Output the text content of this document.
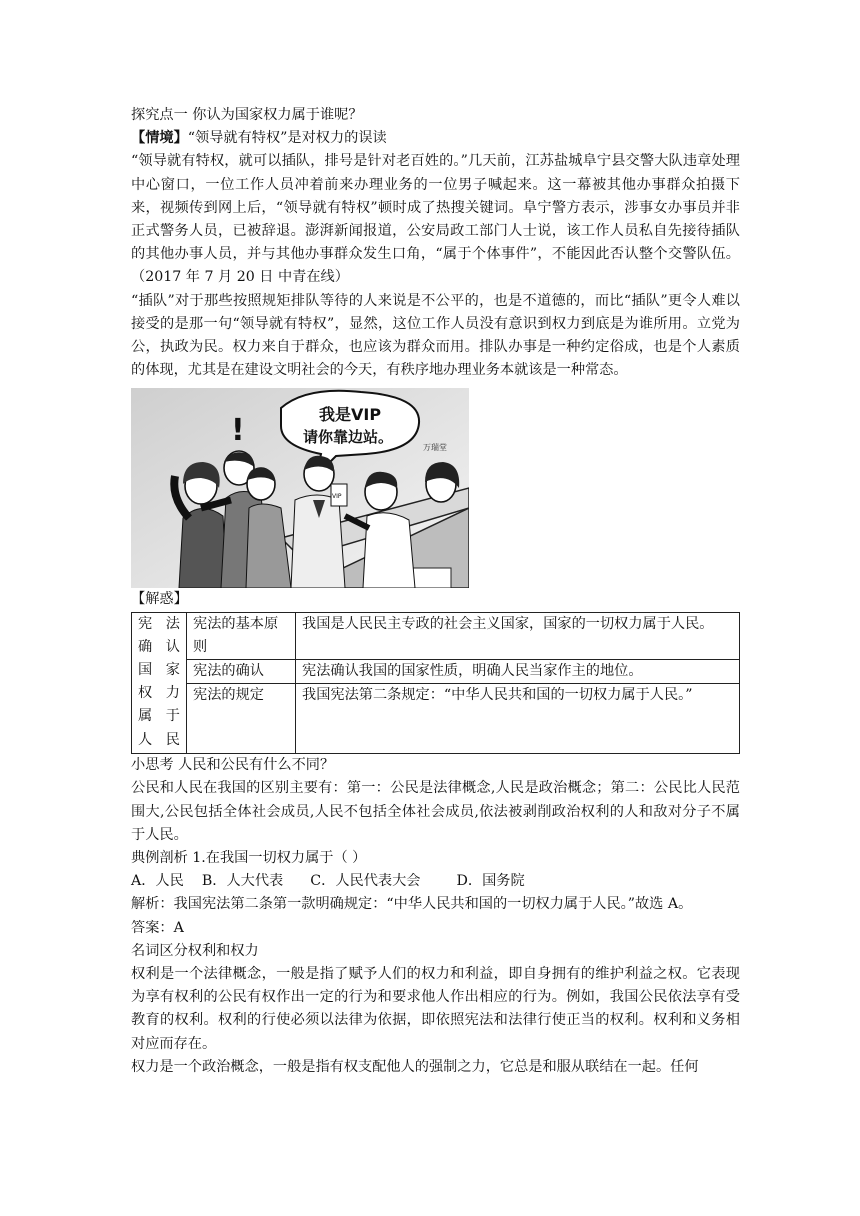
探究点一 你认为国家权力属于谁呢？
【情境】“领导就有特权”是对权力的误读

“领导就有特权，就可以插队，排号是针对老百姓的。”几天前，江苏盐城阜宁县交警大队违章处理中心窗口，一位工作人员冲着前来办理业务的一位男子喊起来。这一幕被其他办事群众拍摄下来，视频传到网上后，“领导就有特权”顿时成了热搜关键词。阜宁警方表示，涉事女办事员并非正式警务人员，已被辞退。澎湃新闻报道，公安局政工部门人士说，该工作人员私自先接待插队的其他办事人员，并与其他办事群众发生口角，“属于个体事件”，不能因此否认整个交警队伍。（2017 年 7 月 20 日 中青在线）

“插队”对于那些按照规矩排队等待的人来说是不公平的，也是不道德的，而比“插队”更令人难以接受的是那一句“领导就有特权”，显然，这位工作人员没有意识到权力到底是为谁所用。立党为公，执政为民。权力来自于群众，也应该为群众而用。排队办事是一种约定俗成，也是个人素质的体现，尤其是在建设文明社会的今天，有秩序地办理业务本就该是一种常态。

我是VIP
请你靠边站。
!
VIP
万瑞堂
【解惑】
宪法确认国家权力属于人民	宪法的基本原则	我国是人民民主专政的社会主义国家，国家的一切权力属于人民。
	宪法的确认	宪法确认我国的国家性质，明确人民当家作主的地位。
	宪法的规定	我国宪法第二条规定：“中华人民共和国的一切权力属于人民。”
小思考 人民和公民有什么不同？

公民和人民在我国的区别主要有：第一：公民是法律概念,人民是政治概念；第二：公民比人民范围大,公民包括全体社会成员,人民不包括全体社会成员,依法被剥削政治权利的人和敌对分子不属于人民。

典例剖析 1.在我国一切权力属于（ ）
A．人民    B．人大代表      C．人民代表大会        D．国务院
解析：我国宪法第二条第一款明确规定：“中华人民共和国的一切权力属于人民。”故选 A。
答案：A
名词区分权利和权力

权利是一个法律概念，一般是指了赋予人们的权力和利益，即自身拥有的维护利益之权。它表现为享有权利的公民有权作出一定的行为和要求他人作出相应的行为。例如，我国公民依法享有受教育的权利。权利的行使必须以法律为依据，即依照宪法和法律行使正当的权利。权利和义务相对应而存在。

权力是一个政治概念，一般是指有权支配他人的强制之力，它总是和服从联结在一起。任何
